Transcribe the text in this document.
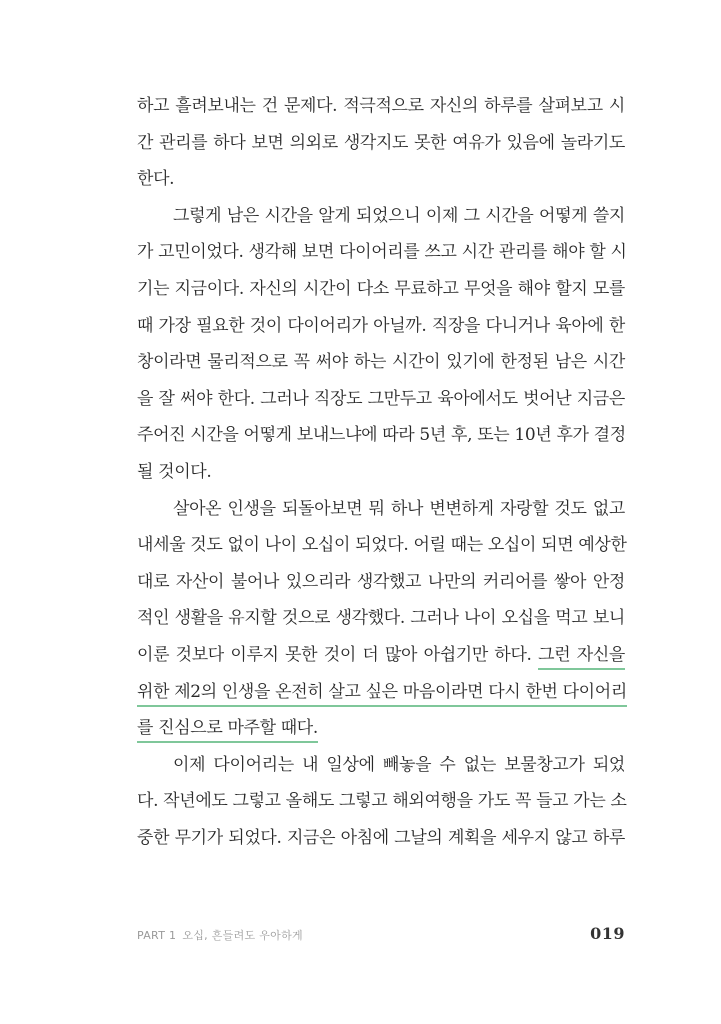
하고 흘려보내는 건 문제다. 적극적으로 자신의 하루를 살펴보고 시
간 관리를 하다 보면 의외로 생각지도 못한 여유가 있음에 놀라기도
한다.
그렇게 남은 시간을 알게 되었으니 이제 그 시간을 어떻게 쓸지
가 고민이었다. 생각해 보면 다이어리를 쓰고 시간 관리를 해야 할 시
기는 지금이다. 자신의 시간이 다소 무료하고 무엇을 해야 할지 모를
때 가장 필요한 것이 다이어리가 아닐까. 직장을 다니거나 육아에 한
창이라면 물리적으로 꼭 써야 하는 시간이 있기에 한정된 남은 시간
을 잘 써야 한다. 그러나 직장도 그만두고 육아에서도 벗어난 지금은
주어진 시간을 어떻게 보내느냐에 따라 5년 후, 또는 10년 후가 결정
될 것이다.
살아온 인생을 되돌아보면 뭐 하나 변변하게 자랑할 것도 없고
내세울 것도 없이 나이 오십이 되었다. 어릴 때는 오십이 되면 예상한
대로 자산이 불어나 있으리라 생각했고 나만의 커리어를 쌓아 안정
적인 생활을 유지할 것으로 생각했다. 그러나 나이 오십을 먹고 보니
이룬 것보다 이루지 못한 것이 더 많아 아쉽기만 하다. 그런 자신을
위한 제2의 인생을 온전히 살고 싶은 마음이라면 다시 한번 다이어리
를 진심으로 마주할 때다.
이제 다이어리는 내 일상에 빼놓을 수 없는 보물창고가 되었
다. 작년에도 그렇고 올해도 그렇고 해외여행을 가도 꼭 들고 가는 소
중한 무기가 되었다. 지금은 아침에 그날의 계획을 세우지 않고 하루
PART 1 오십, 흔들려도 우아하게	019
